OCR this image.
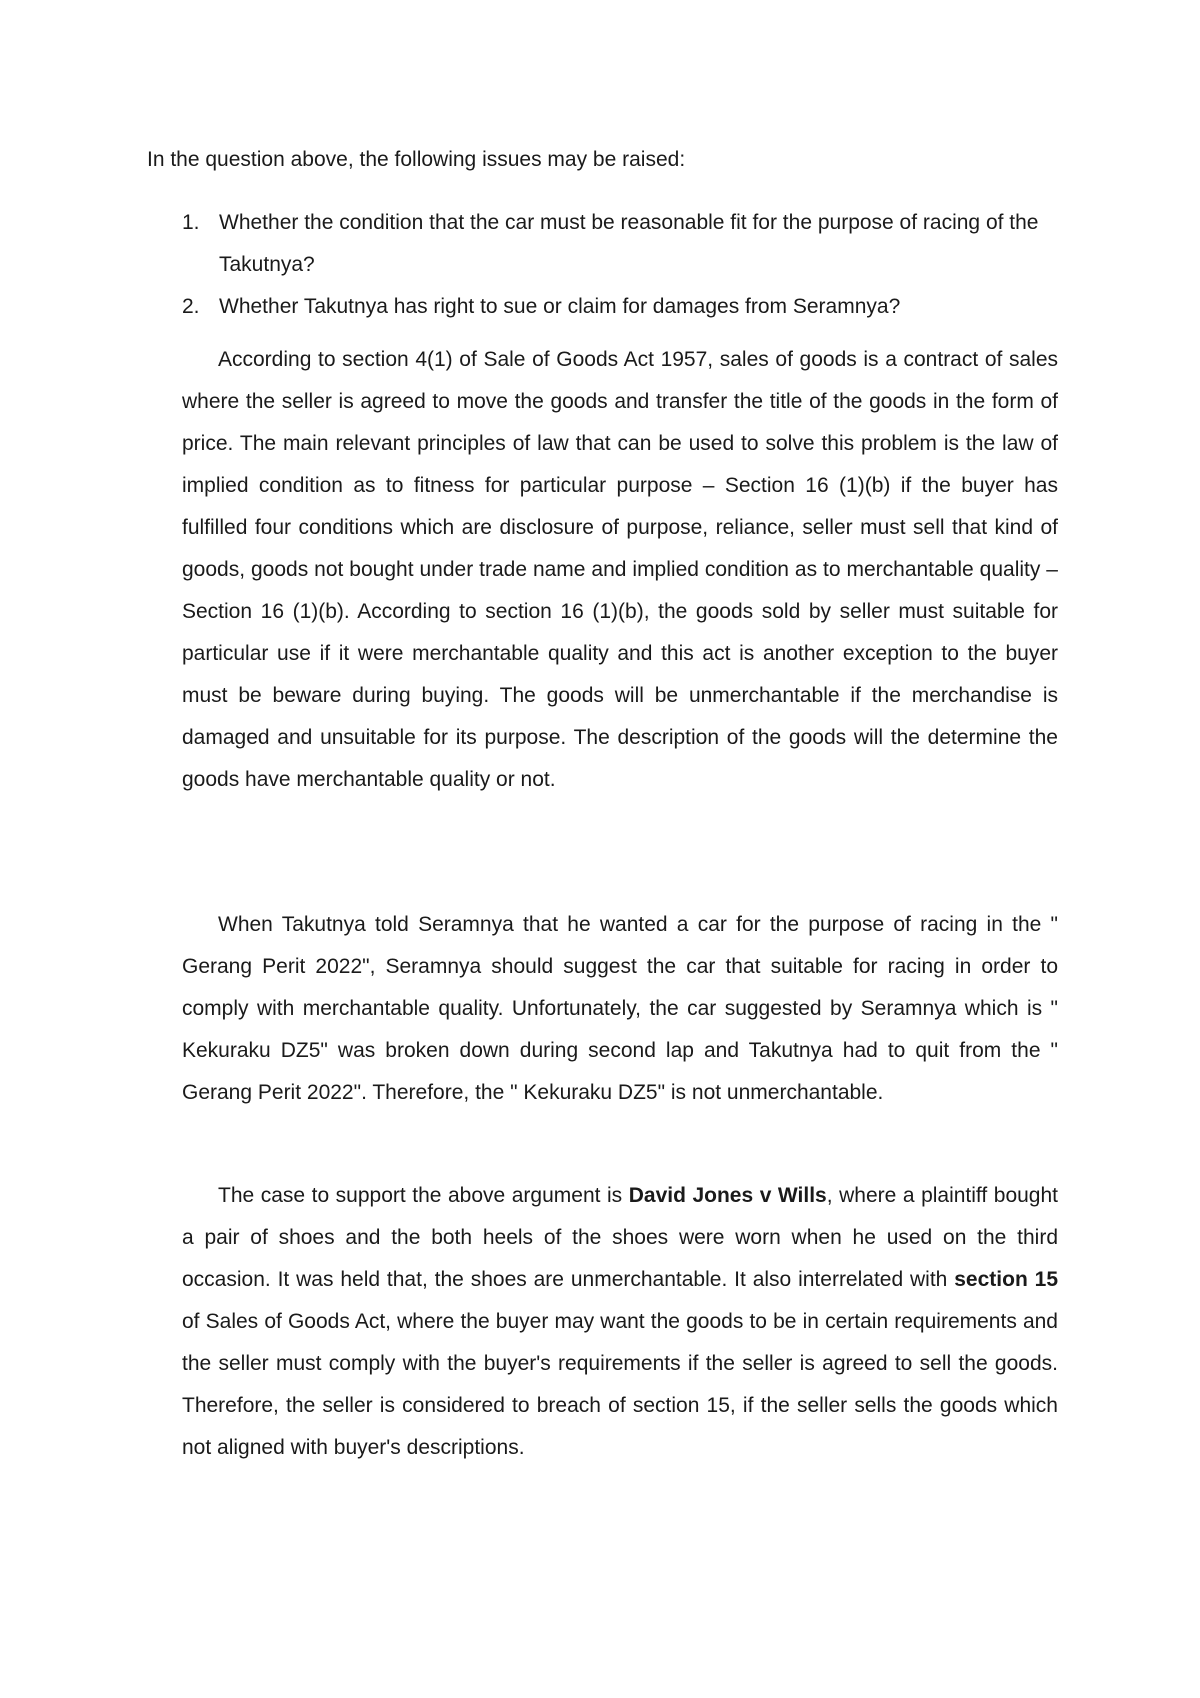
In the question above, the following issues may be raised:

1. Whether the condition that the car must be reasonable fit for the purpose of racing of the Takutnya?
2. Whether Takutnya has right to sue or claim for damages from Seramnya?

According to section 4(1) of Sale of Goods Act 1957, sales of goods is a contract of sales where the seller is agreed to move the goods and transfer the title of the goods in the form of price. The main relevant principles of law that can be used to solve this problem is the law of implied condition as to fitness for particular purpose – Section 16 (1)(b) if the buyer has fulfilled four conditions which are disclosure of purpose, reliance, seller must sell that kind of goods, goods not bought under trade name and implied condition as to merchantable quality – Section 16 (1)(b). According to section 16 (1)(b), the goods sold by seller must suitable for particular use if it were merchantable quality and this act is another exception to the buyer must be beware during buying. The goods will be unmerchantable if the merchandise is damaged and unsuitable for its purpose. The description of the goods will the determine the goods have merchantable quality or not.

When Takutnya told Seramnya that he wanted a car for the purpose of racing in the " Gerang Perit 2022", Seramnya should suggest the car that suitable for racing in order to comply with merchantable quality. Unfortunately, the car suggested by Seramnya which is " Kekuraku DZ5" was broken down during second lap and Takutnya had to quit from the " Gerang Perit 2022". Therefore, the " Kekuraku DZ5" is not unmerchantable.

The case to support the above argument is David Jones v Wills, where a plaintiff bought a pair of shoes and the both heels of the shoes were worn when he used on the third occasion. It was held that, the shoes are unmerchantable. It also interrelated with section 15 of Sales of Goods Act, where the buyer may want the goods to be in certain requirements and the seller must comply with the buyer's requirements if the seller is agreed to sell the goods. Therefore, the seller is considered to breach of section 15, if the seller sells the goods which not aligned with buyer's descriptions.
